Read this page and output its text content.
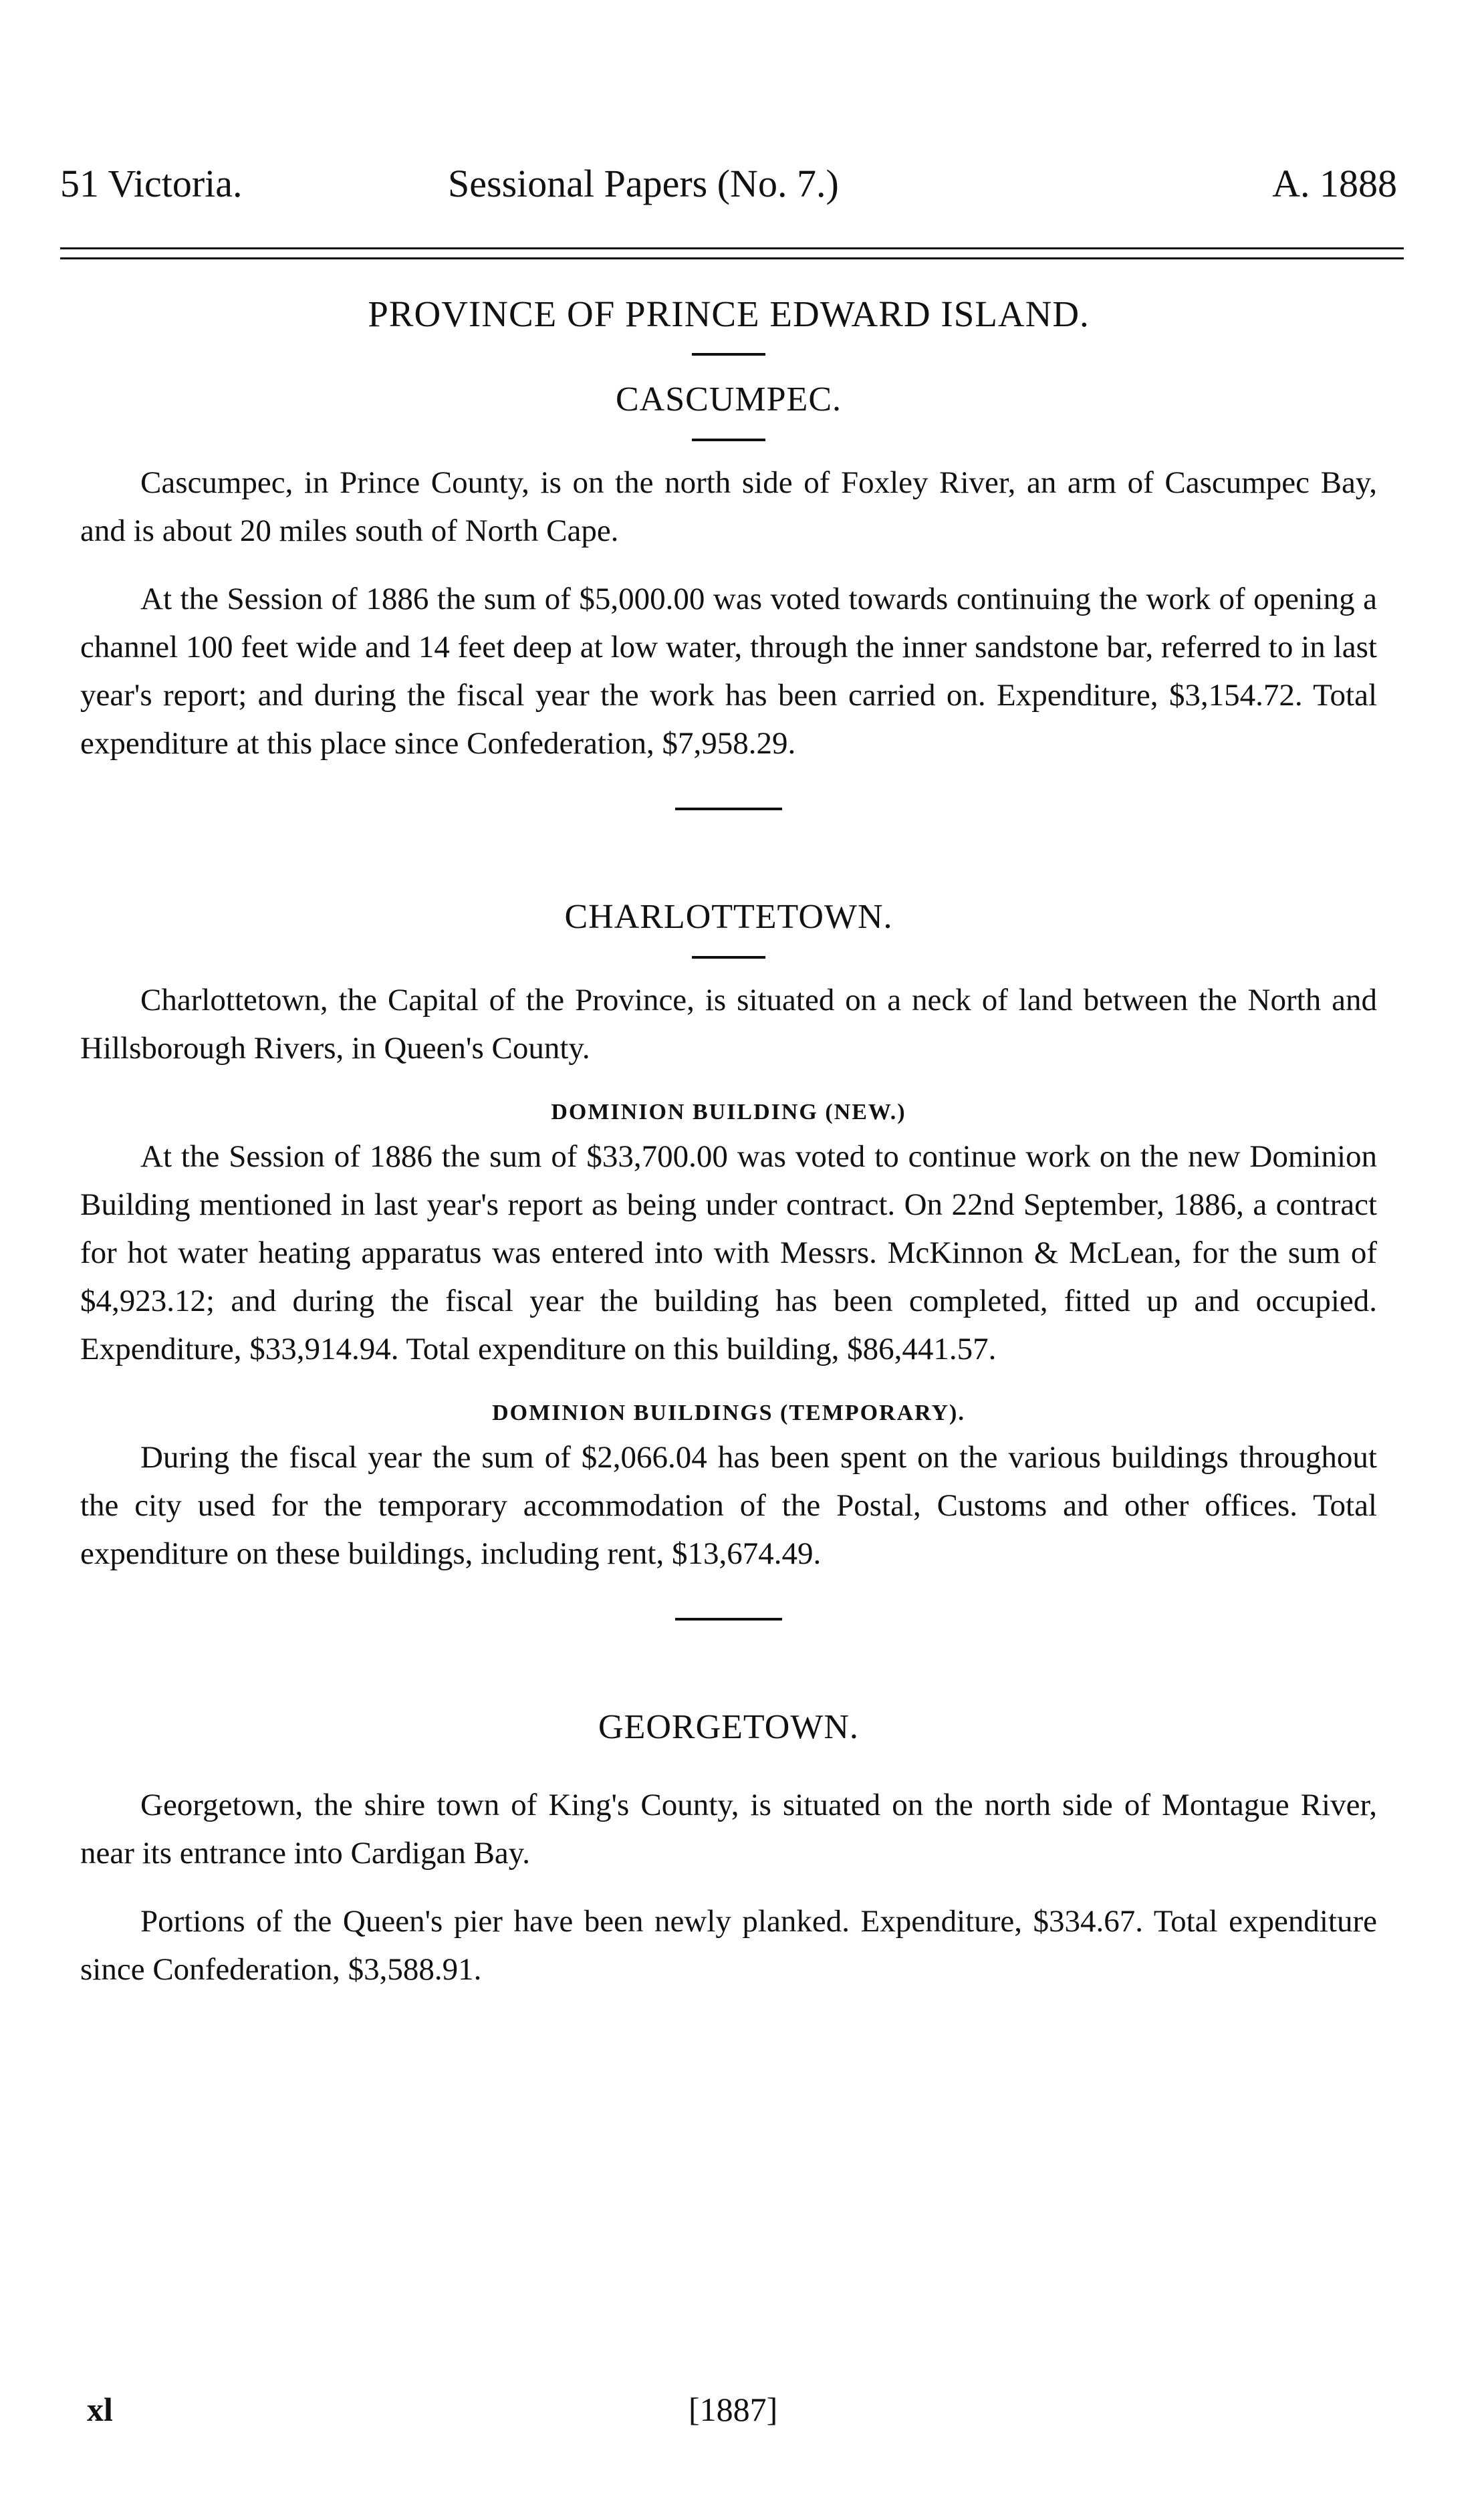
51 Victoria.	Sessional Papers (No. 7.)	A. 1888
PROVINCE OF PRINCE EDWARD ISLAND.
CASCUMPEC.

Cascumpec, in Prince County, is on the north side of Foxley River, an arm of Cascumpec Bay, and is about 20 miles south of North Cape.

At the Session of 1886 the sum of $5,000.00 was voted towards continuing the work of opening a channel 100 feet wide and 14 feet deep at low water, through the inner sandstone bar, referred to in last year's report; and during the fiscal year the work has been carried on. Expenditure, $3,154.72. Total expenditure at this place since Confederation, $7,958.29.

CHARLOTTETOWN.

Charlottetown, the Capital of the Province, is situated on a neck of land between the North and Hillsborough Rivers, in Queen's County.

DOMINION BUILDING (NEW.)

At the Session of 1886 the sum of $33,700.00 was voted to continue work on the new Dominion Building mentioned in last year's report as being under contract. On 22nd September, 1886, a contract for hot water heating apparatus was entered into with Messrs. McKinnon & McLean, for the sum of $4,923.12; and during the fiscal year the building has been completed, fitted up and occupied. Expenditure, $33,914.94. Total expenditure on this building, $86,441.57.

DOMINION BUILDINGS (TEMPORARY).

During the fiscal year the sum of $2,066.04 has been spent on the various buildings throughout the city used for the temporary accommodation of the Postal, Customs and other offices. Total expenditure on these buildings, including rent, $13,674.49.

GEORGETOWN.

Georgetown, the shire town of King's County, is situated on the north side of Montague River, near its entrance into Cardigan Bay.

Portions of the Queen's pier have been newly planked. Expenditure, $334.67. Total expenditure since Confederation, $3,588.91.

xl	[1887]
